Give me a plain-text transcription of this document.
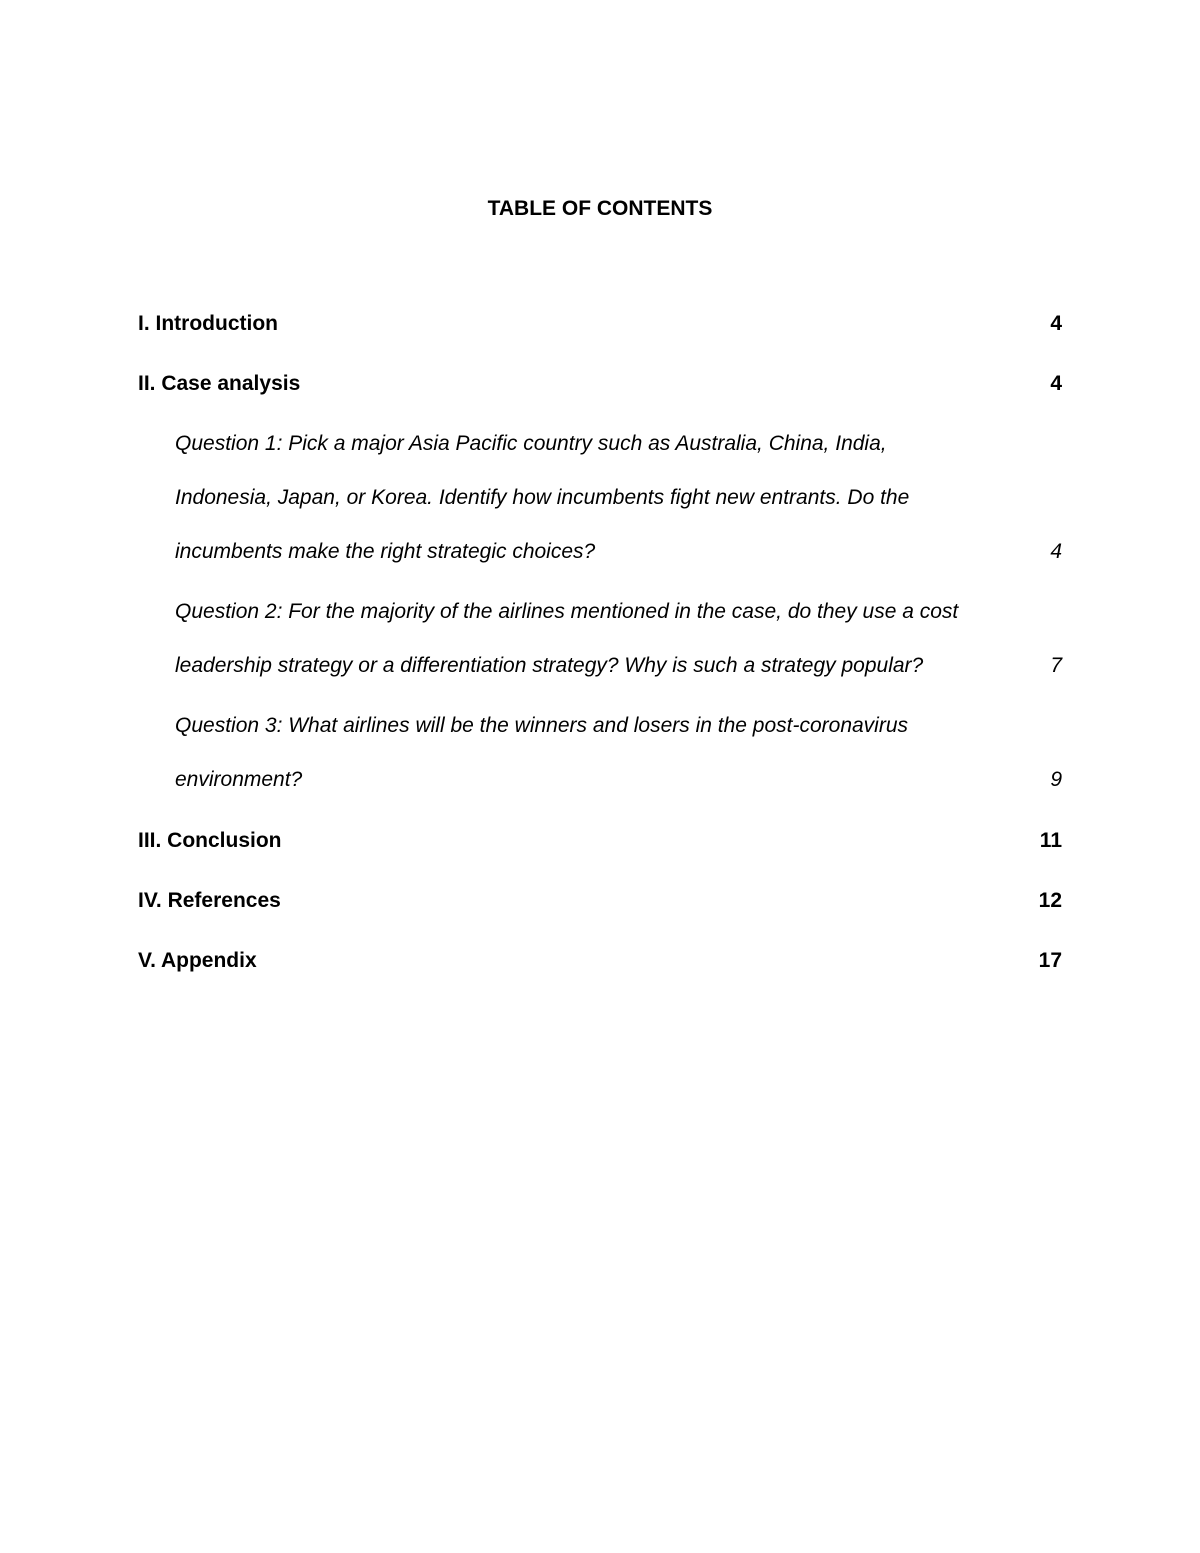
TABLE OF CONTENTS
I. Introduction	4
II. Case analysis	4
Question 1: Pick a major Asia Pacific country such as Australia, China, India,
Indonesia, Japan, or Korea. Identify how incumbents fight new entrants. Do the
incumbents make the right strategic choices?	4
Question 2: For the majority of the airlines mentioned in the case, do they use a cost
leadership strategy or a differentiation strategy? Why is such a strategy popular?	7
Question 3: What airlines will be the winners and losers in the post-coronavirus
environment?	9
III. Conclusion	11
IV. References	12
V. Appendix	17
